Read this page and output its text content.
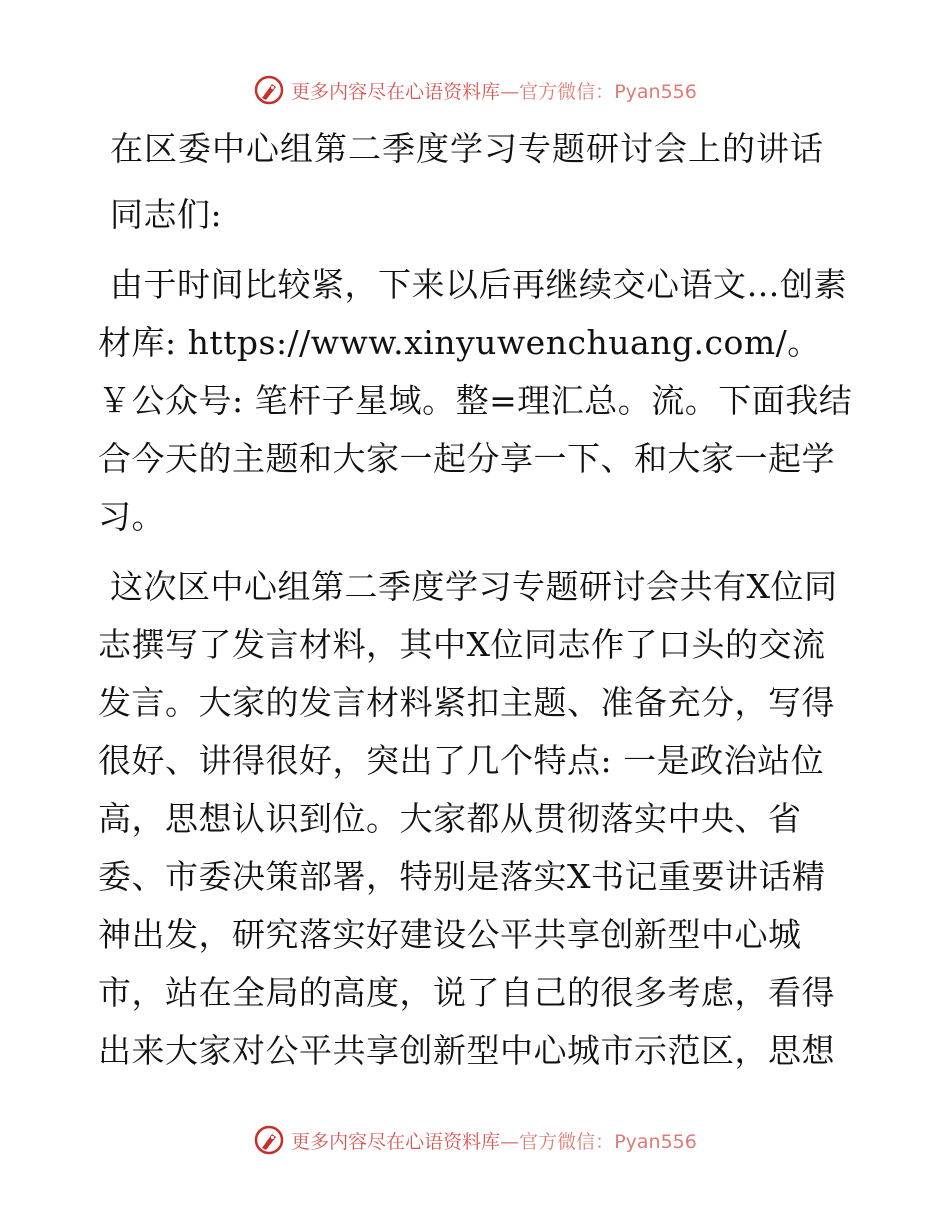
更多内容尽在心语资料库—官方微信：Pyan556
在区委中心组第二季度学习专题研讨会上的讲话

同志们:

由于时间比较紧，下来以后再继续交心语文…创素材库: https://www.xinyuwenchuang.com/。￥公众号: 笔杆子星域。整=理汇总。流。下面我结合今天的主题和大家一起分享一下、和大家一起学习。

这次区中心组第二季度学习专题研讨会共有X位同志撰写了发言材料，其中X位同志作了口头的交流发言。大家的发言材料紧扣主题、准备充分，写得很好、讲得很好，突出了几个特点: 一是政治站位高，思想认识到位。大家都从贯彻落实中央、省委、市委决策部署，特别是落实X书记重要讲话精神出发，研究落实好建设公平共享创新型中心城市，站在全局的高度，说了自己的很多考虑，看得出来大家对公平共享创新型中心城市示范区，思想

更多内容尽在心语资料库—官方微信：Pyan556
